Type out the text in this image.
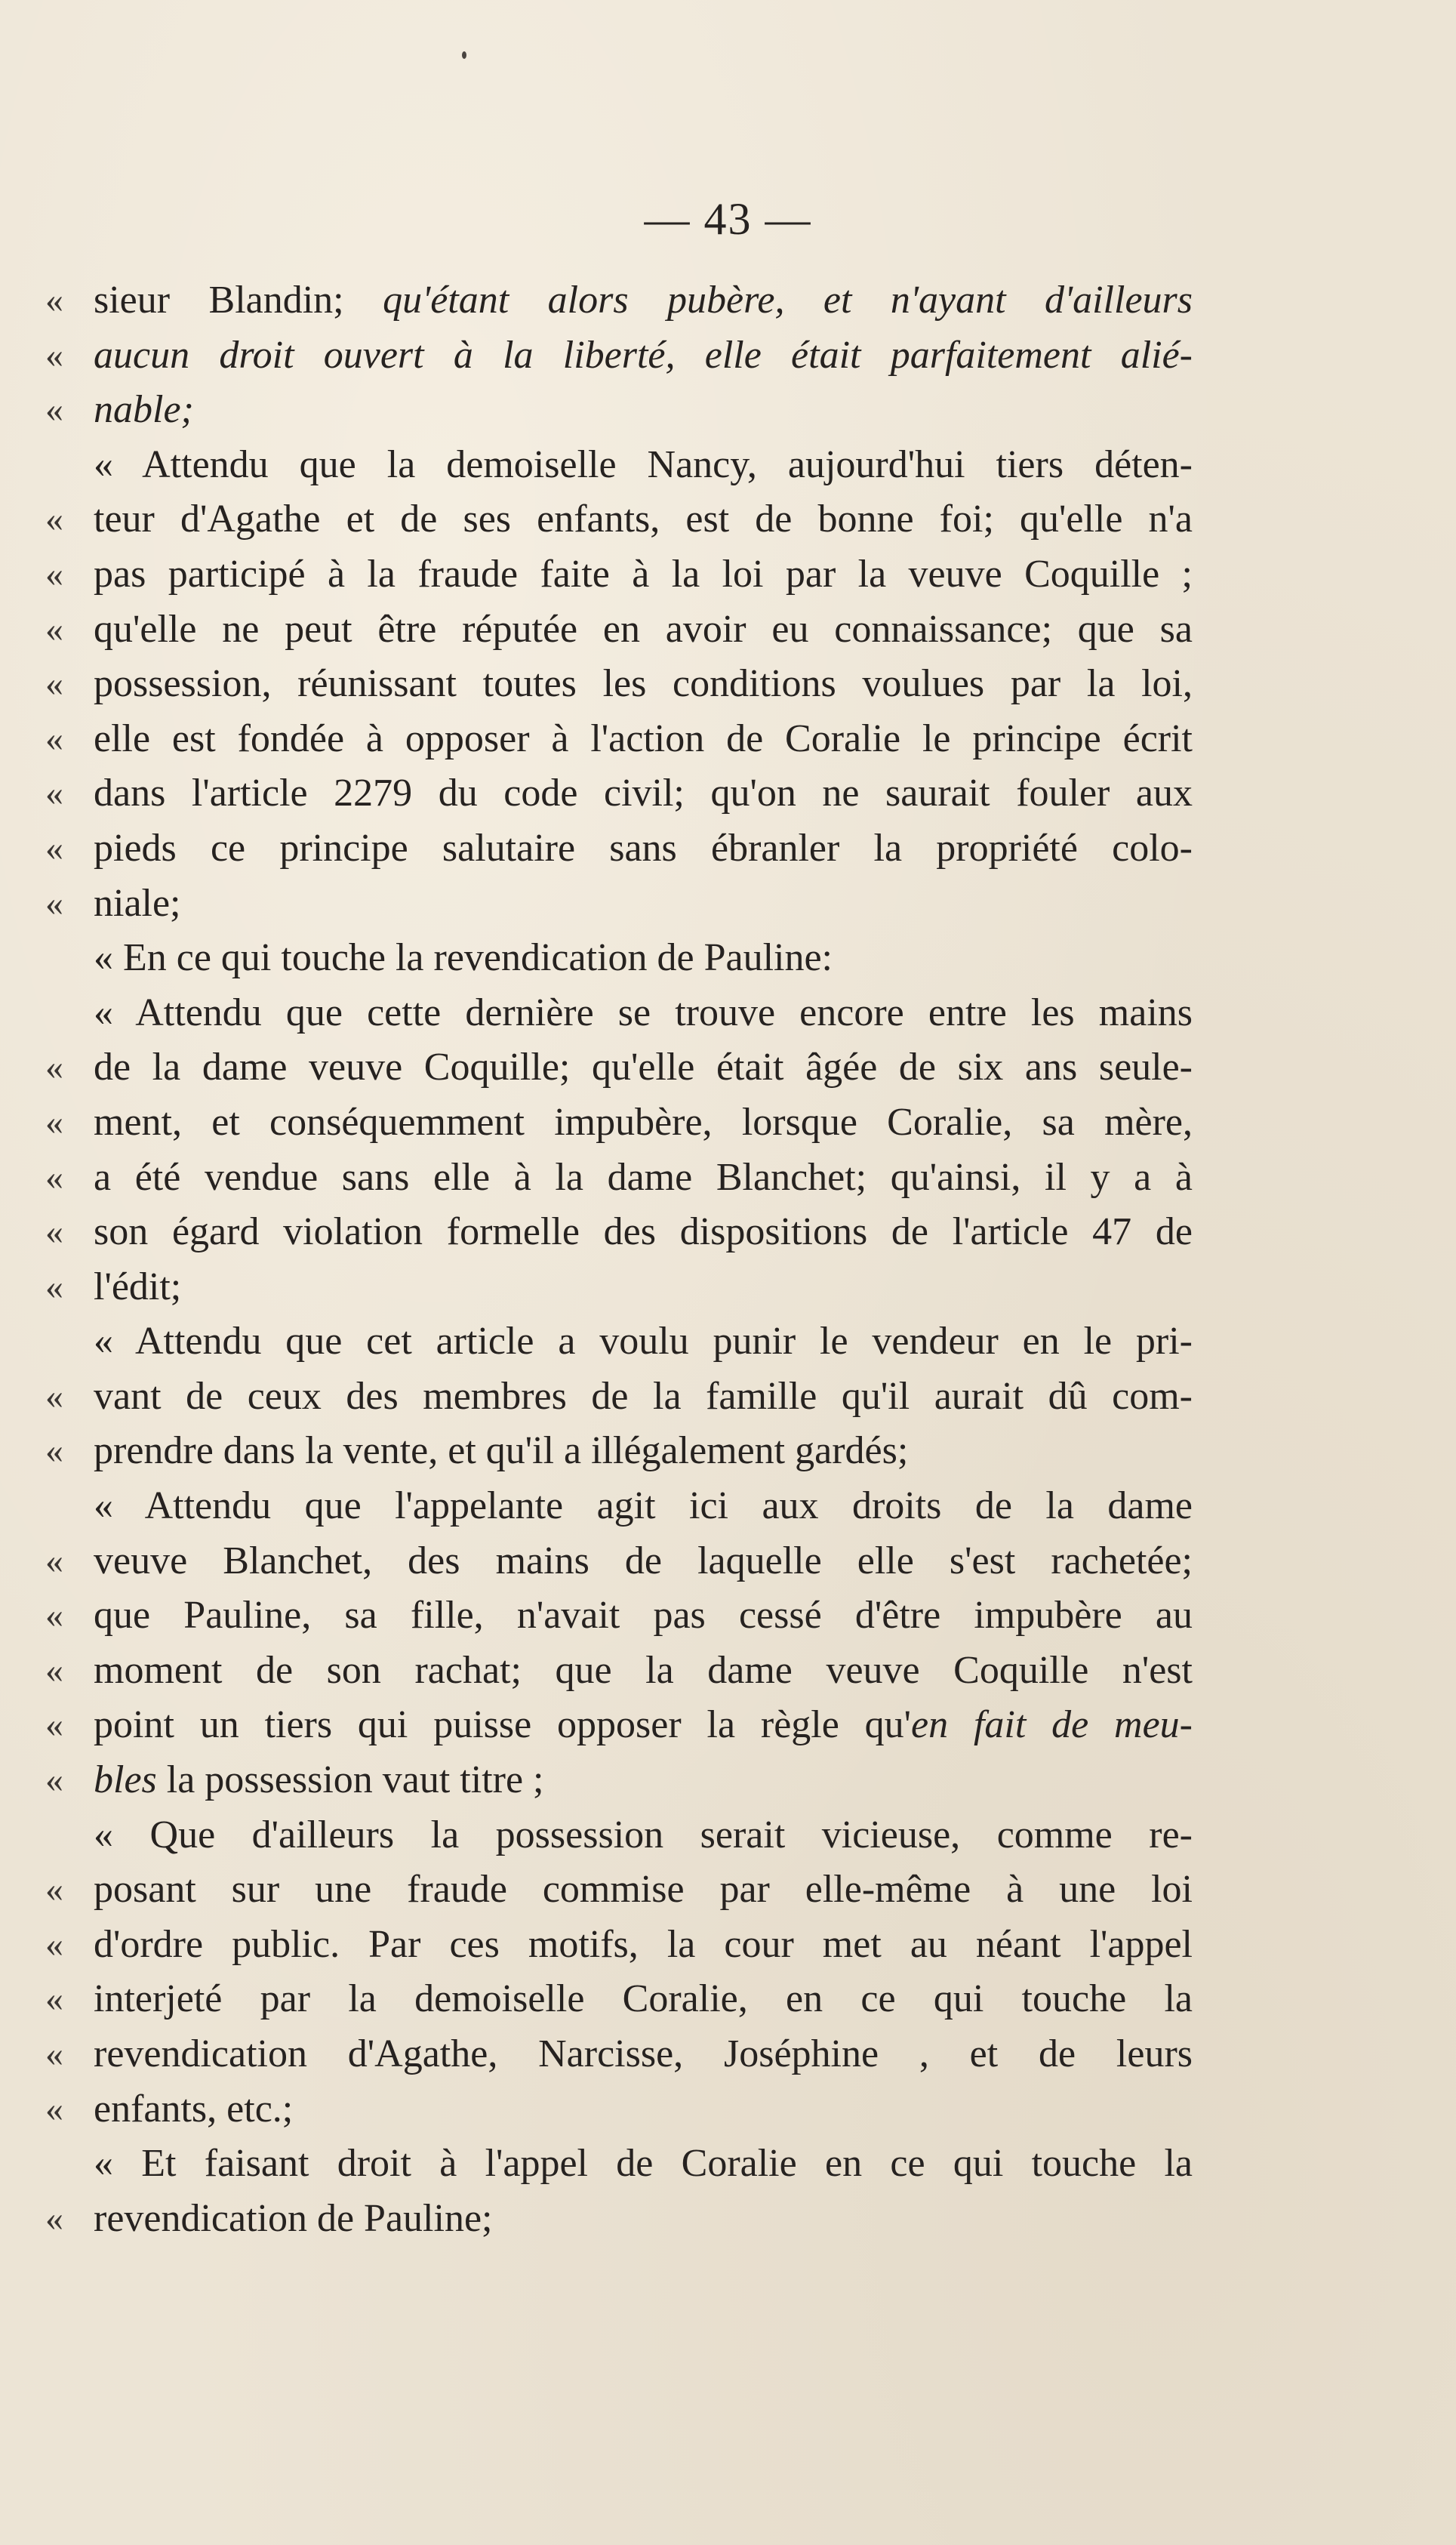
— 43 —
« sieur Blandin; qu'étant alors pubère, et n'ayant d'ailleurs
« aucun droit ouvert à la liberté, elle était parfaitement alié-
« nable;
« Attendu que la demoiselle Nancy, aujourd'hui tiers déten-
« teur d'Agathe et de ses enfants, est de bonne foi; qu'elle n'a
« pas participé à la fraude faite à la loi par la veuve Coquille ;
« qu'elle ne peut être réputée en avoir eu connaissance; que sa
« possession, réunissant toutes les conditions voulues par la loi,
« elle est fondée à opposer à l'action de Coralie le principe écrit
« dans l'article 2279 du code civil; qu'on ne saurait fouler aux
« pieds ce principe salutaire sans ébranler la propriété colo-
« niale;
« En ce qui touche la revendication de Pauline:
« Attendu que cette dernière se trouve encore entre les mains
« de la dame veuve Coquille; qu'elle était âgée de six ans seule-
« ment, et conséquemment impubère, lorsque Coralie, sa mère,
« a été vendue sans elle à la dame Blanchet; qu'ainsi, il y a à
« son égard violation formelle des dispositions de l'article 47 de
« l'édit;
« Attendu que cet article a voulu punir le vendeur en le pri-
« vant de ceux des membres de la famille qu'il aurait dû com-
« prendre dans la vente, et qu'il a illégalement gardés;
« Attendu que l'appelante agit ici aux droits de la dame
« veuve Blanchet, des mains de laquelle elle s'est rachetée;
« que Pauline, sa fille, n'avait pas cessé d'être impubère au
« moment de son rachat; que la dame veuve Coquille n'est
« point un tiers qui puisse opposer la règle qu'en fait de meu-
« bles la possession vaut titre ;
« Que d'ailleurs la possession serait vicieuse, comme re-
« posant sur une fraude commise par elle-même à une loi
« d'ordre public. Par ces motifs, la cour met au néant l'appel
« interjeté par la demoiselle Coralie, en ce qui touche la
« revendication d'Agathe, Narcisse, Joséphine , et de leurs
« enfants, etc.;
« Et faisant droit à l'appel de Coralie en ce qui touche la
« revendication de Pauline;
